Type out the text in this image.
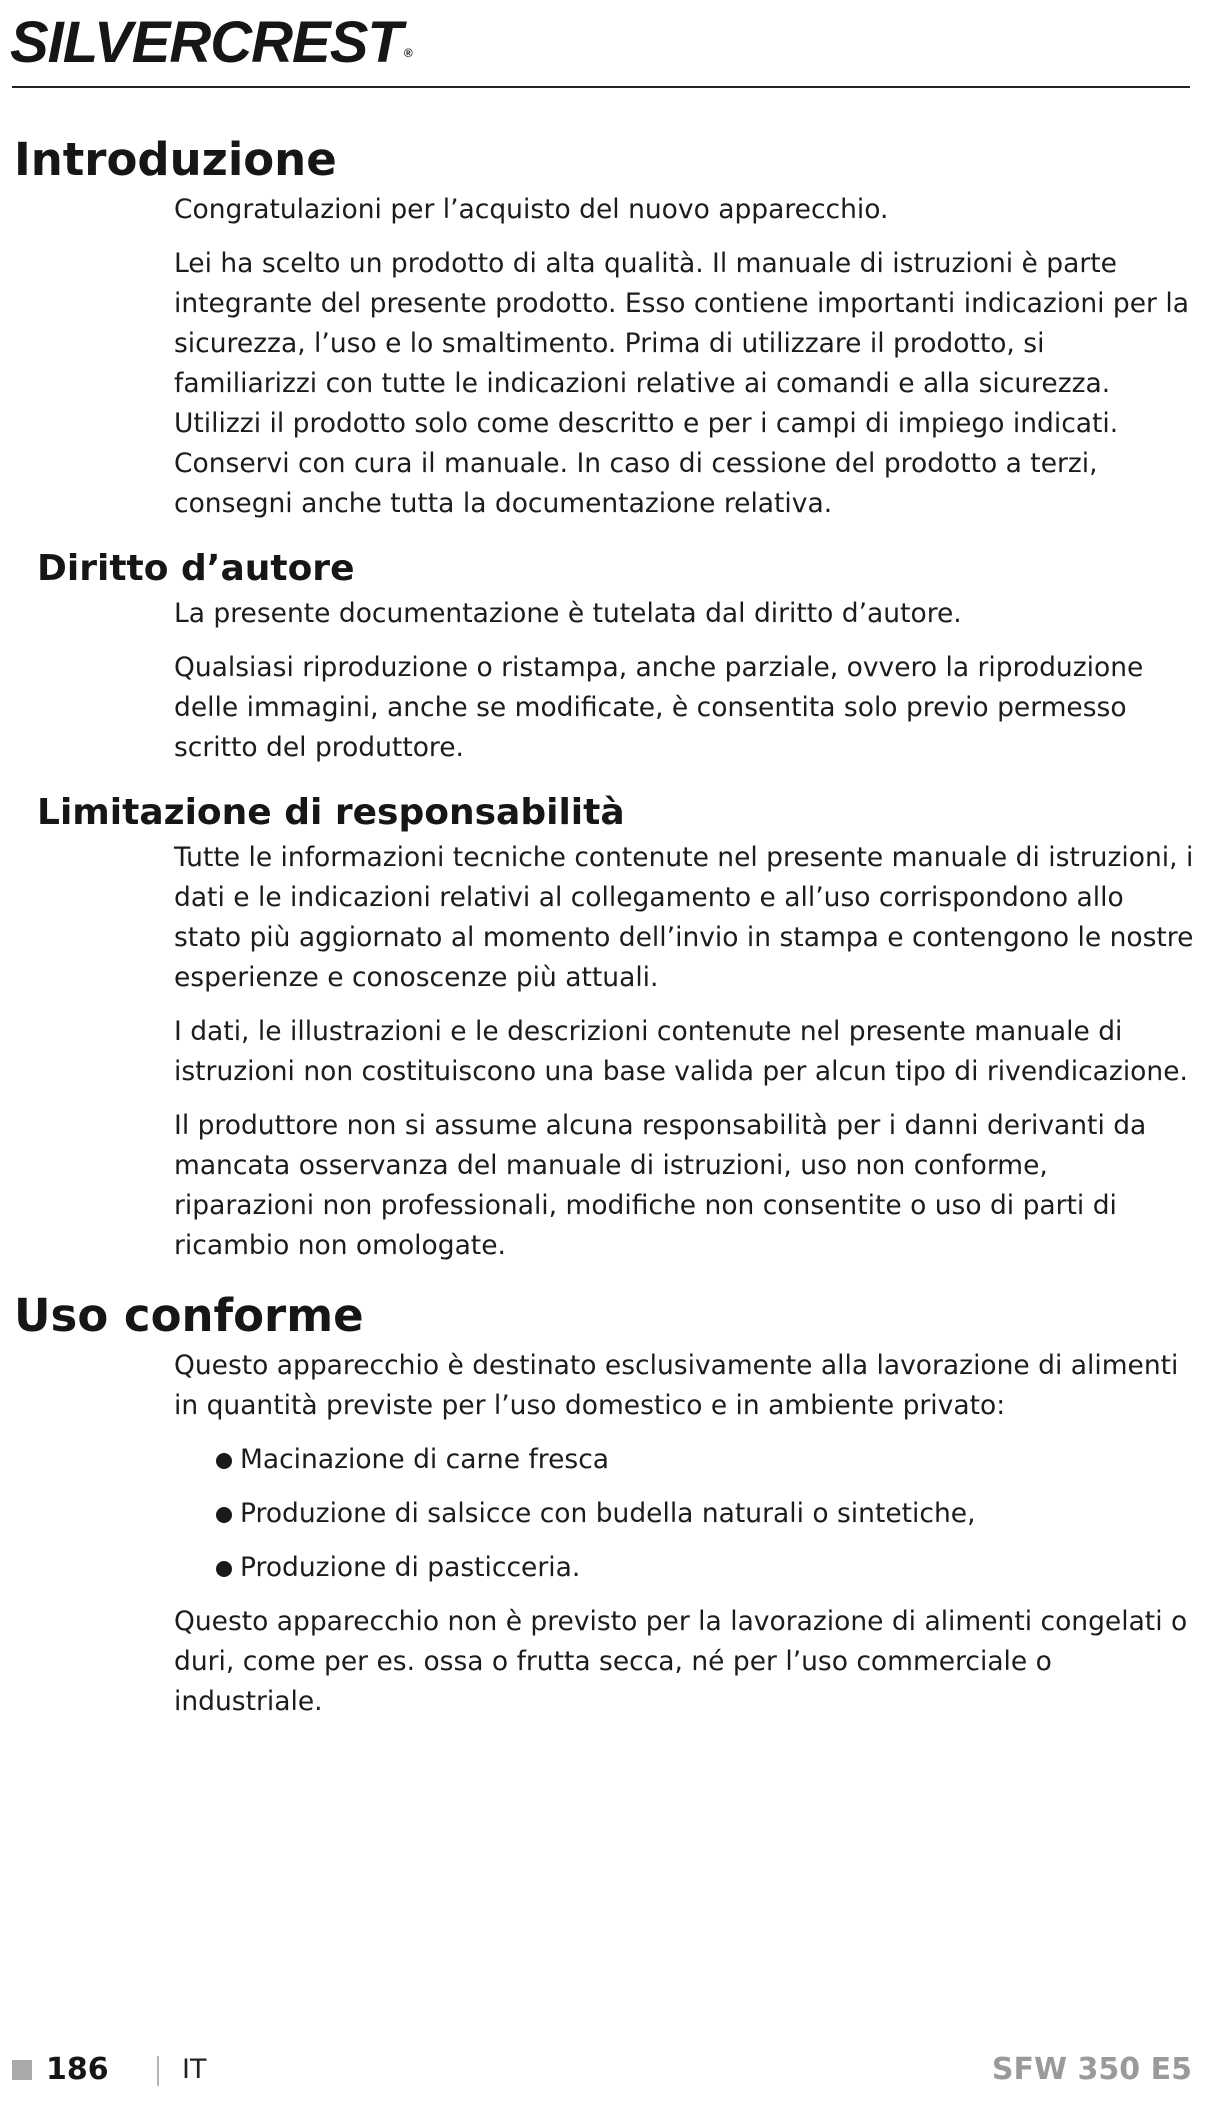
SILVERCREST ®
Introduzione

Congratulazioni per l’acquisto del nuovo apparecchio.

Lei ha scelto un prodotto di alta qualità. Il manuale di istruzioni è parte integrante del presente prodotto. Esso contiene importanti indicazioni per la sicurezza, l’uso e lo smaltimento. Prima di utilizzare il prodotto, si familiarizzi con tutte le indicazioni relative ai comandi e alla sicurezza. Utilizzi il prodotto solo come descritto e per i campi di impiego indicati. Conservi con cura il manuale. In caso di cessione del prodotto a terzi, consegni anche tutta la documentazione relativa.

Diritto d’autore

La presente documentazione è tutelata dal diritto d’autore.

Qualsiasi riproduzione o ristampa, anche parziale, ovvero la riproduzione delle immagini, anche se modificate, è consentita solo previo permesso scritto del produttore.

Limitazione di responsabilità

Tutte le informazioni tecniche contenute nel presente manuale di istruzioni, i dati e le indicazioni relativi al collegamento e all’uso corrispondono allo stato più aggiornato al momento dell’invio in stampa e contengono le nostre esperienze e conoscenze più attuali.

I dati, le illustrazioni e le descrizioni contenute nel presente manuale di istruzioni non costituiscono una base valida per alcun tipo di rivendicazione.

Il produttore non si assume alcuna responsabilità per i danni derivanti da mancata osservanza del manuale di istruzioni, uso non conforme, riparazioni non professionali, modifiche non consentite o uso di parti di ricambio non omologate.

Uso conforme

Questo apparecchio è destinato esclusivamente alla lavorazione di alimenti in quantità previste per l’uso domestico e in ambiente privato:

Macinazione di carne fresca
Produzione di salsicce con budella naturali o sintetiche,
Produzione di pasticceria.

Questo apparecchio non è previsto per la lavorazione di alimenti congelati o duri, come per es. ossa o frutta secca, né per l’uso commerciale o industriale.

186	IT	SFW 350 E5
